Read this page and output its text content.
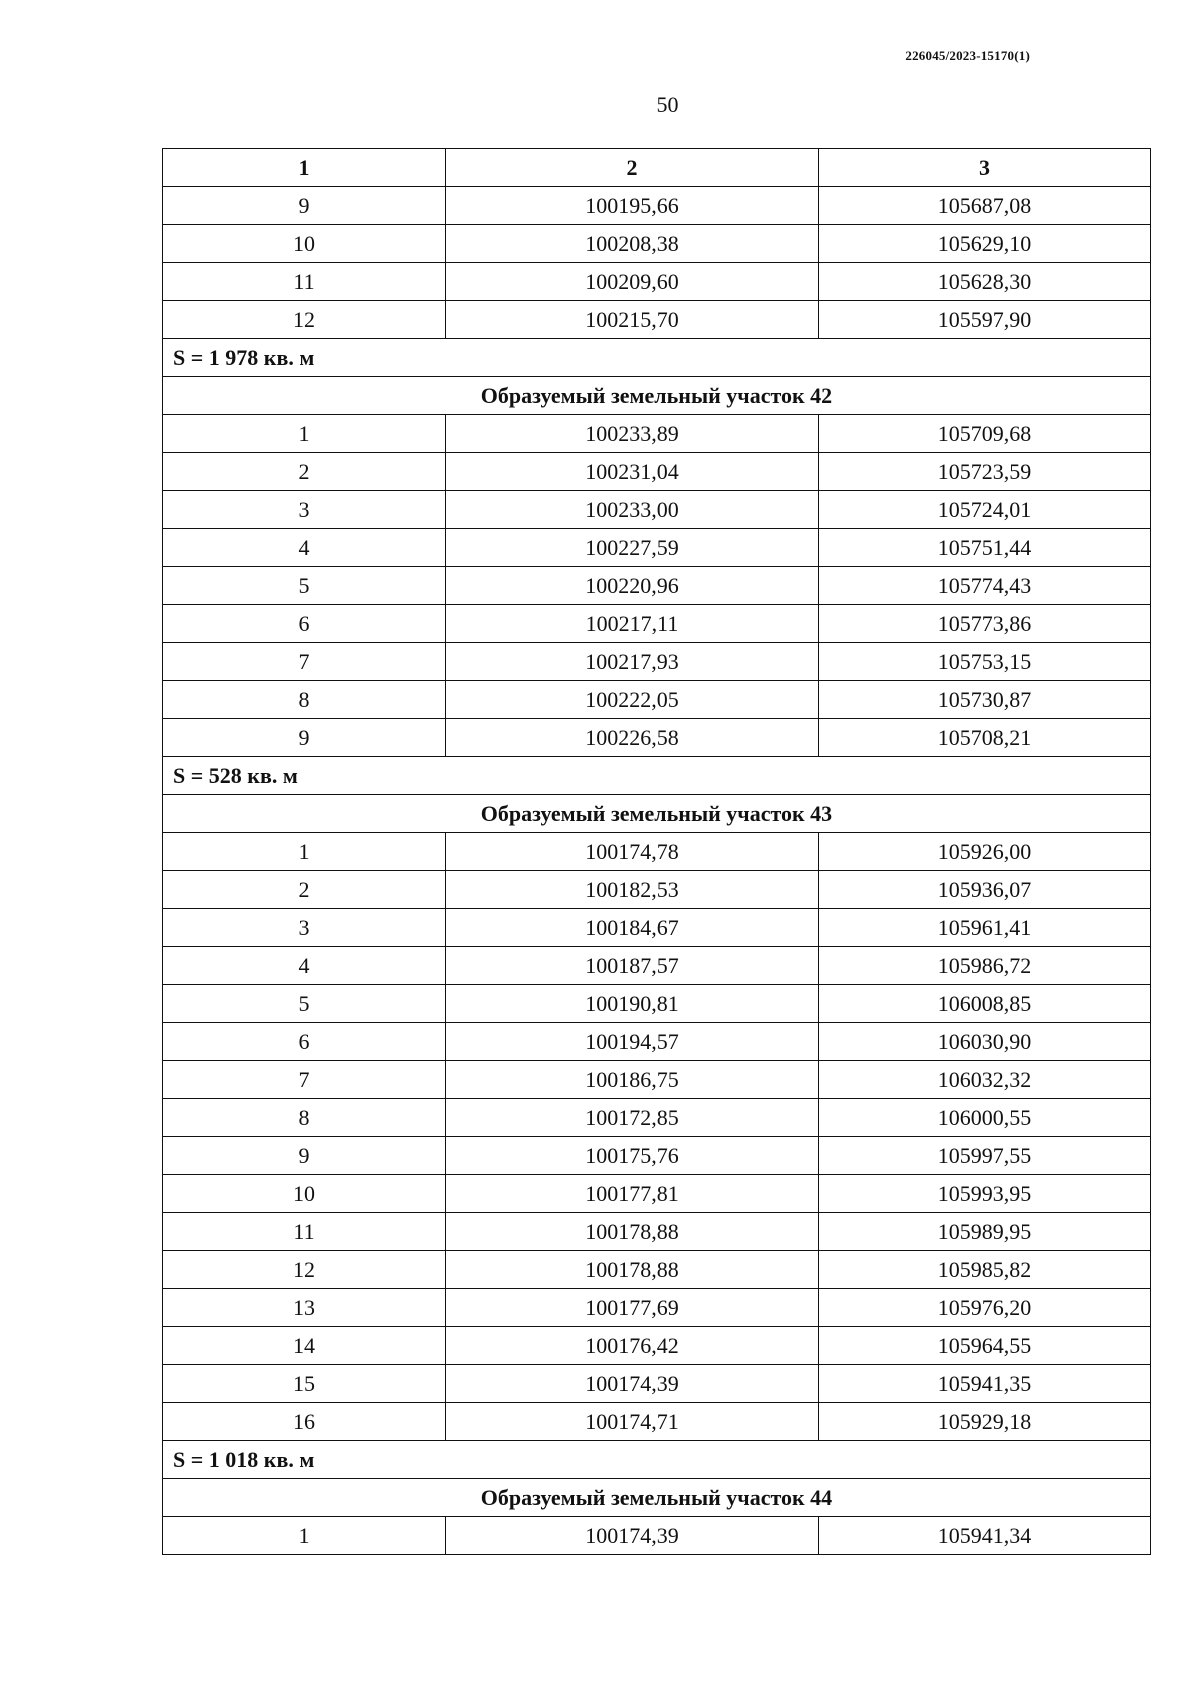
226045/2023-15170(1)
50
1	2	3
9	100195,66	105687,08
10	100208,38	105629,10
11	100209,60	105628,30
12	100215,70	105597,90
S = 1 978 кв. м		
Образуемый земельный участок 42		
1	100233,89	105709,68
2	100231,04	105723,59
3	100233,00	105724,01
4	100227,59	105751,44
5	100220,96	105774,43
6	100217,11	105773,86
7	100217,93	105753,15
8	100222,05	105730,87
9	100226,58	105708,21
S = 528 кв. м		
Образуемый земельный участок 43		
1	100174,78	105926,00
2	100182,53	105936,07
3	100184,67	105961,41
4	100187,57	105986,72
5	100190,81	106008,85
6	100194,57	106030,90
7	100186,75	106032,32
8	100172,85	106000,55
9	100175,76	105997,55
10	100177,81	105993,95
11	100178,88	105989,95
12	100178,88	105985,82
13	100177,69	105976,20
14	100176,42	105964,55
15	100174,39	105941,35
16	100174,71	105929,18
S = 1 018 кв. м		
Образуемый земельный участок 44		
1	100174,39	105941,34
